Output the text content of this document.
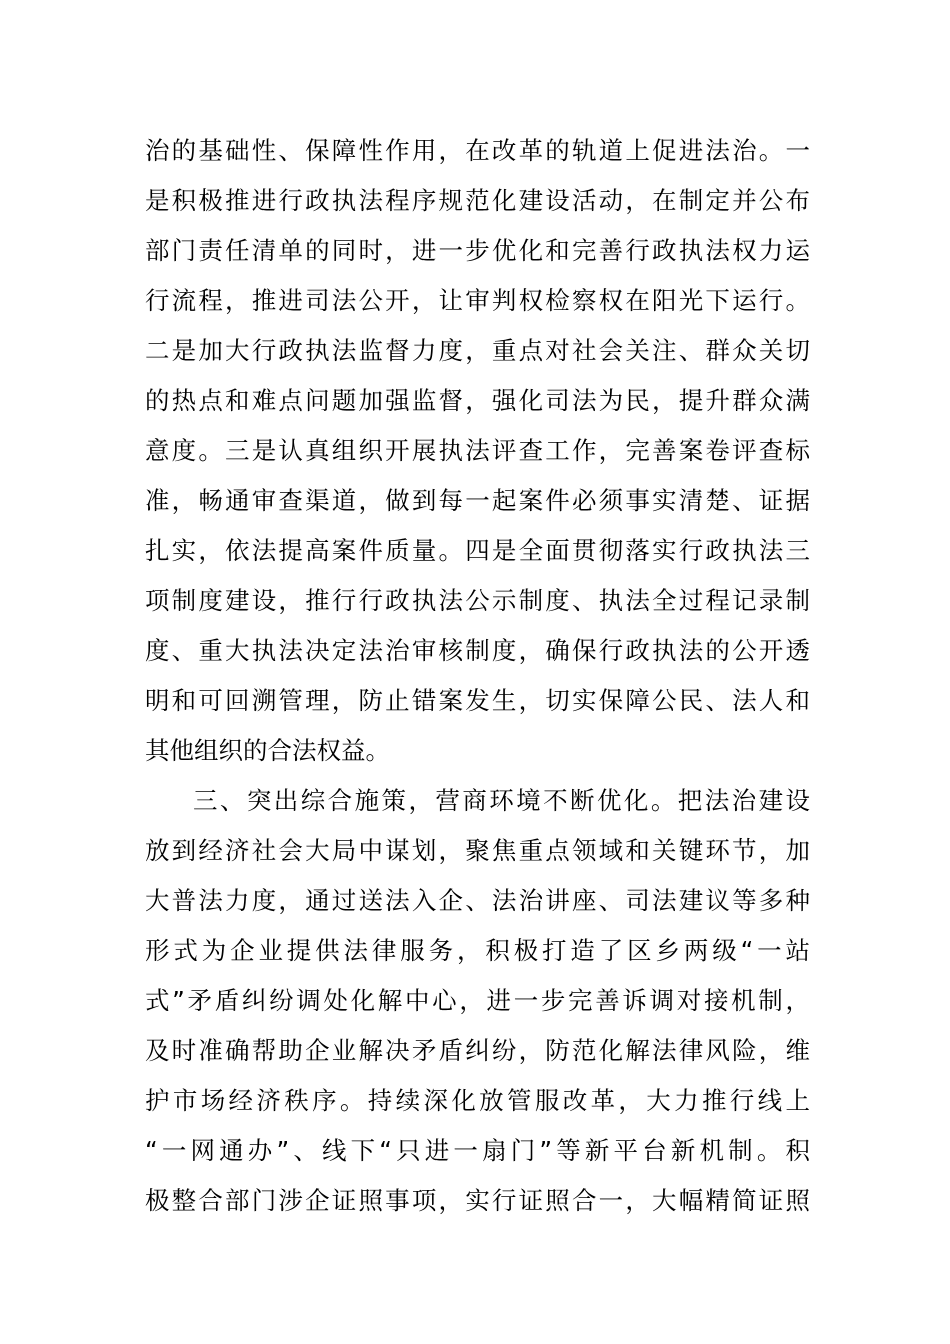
治的基础性、保障性作用，在改革的轨道上促进法治。一
是积极推进行政执法程序规范化建设活动，在制定并公布
部门责任清单的同时，进一步优化和完善行政执法权力运
行流程，推进司法公开，让审判权检察权在阳光下运行。
二是加大行政执法监督力度，重点对社会关注、群众关切
的热点和难点问题加强监督，强化司法为民，提升群众满
意度。三是认真组织开展执法评查工作，完善案卷评查标
准，畅通审查渠道，做到每一起案件必须事实清楚、证据
扎实，依法提高案件质量。四是全面贯彻落实行政执法三
项制度建设，推行行政执法公示制度、执法全过程记录制
度、重大执法决定法治审核制度，确保行政执法的公开透
明和可回溯管理，防止错案发生，切实保障公民、法人和
其他组织的合法权益。
三、突出综合施策，营商环境不断优化。把法治建设
放到经济社会大局中谋划，聚焦重点领域和关键环节，加
大普法力度，通过送法入企、法治讲座、司法建议等多种
形式为企业提供法律服务，积极打造了区乡两级“一站
式”矛盾纠纷调处化解中心，进一步完善诉调对接机制，
及时准确帮助企业解决矛盾纠纷，防范化解法律风险，维
护市场经济秩序。持续深化放管服改革，大力推行线上
“一网通办”、线下“只进一扇门”等新平台新机制。积
极整合部门涉企证照事项，实行证照合一，大幅精简证照
